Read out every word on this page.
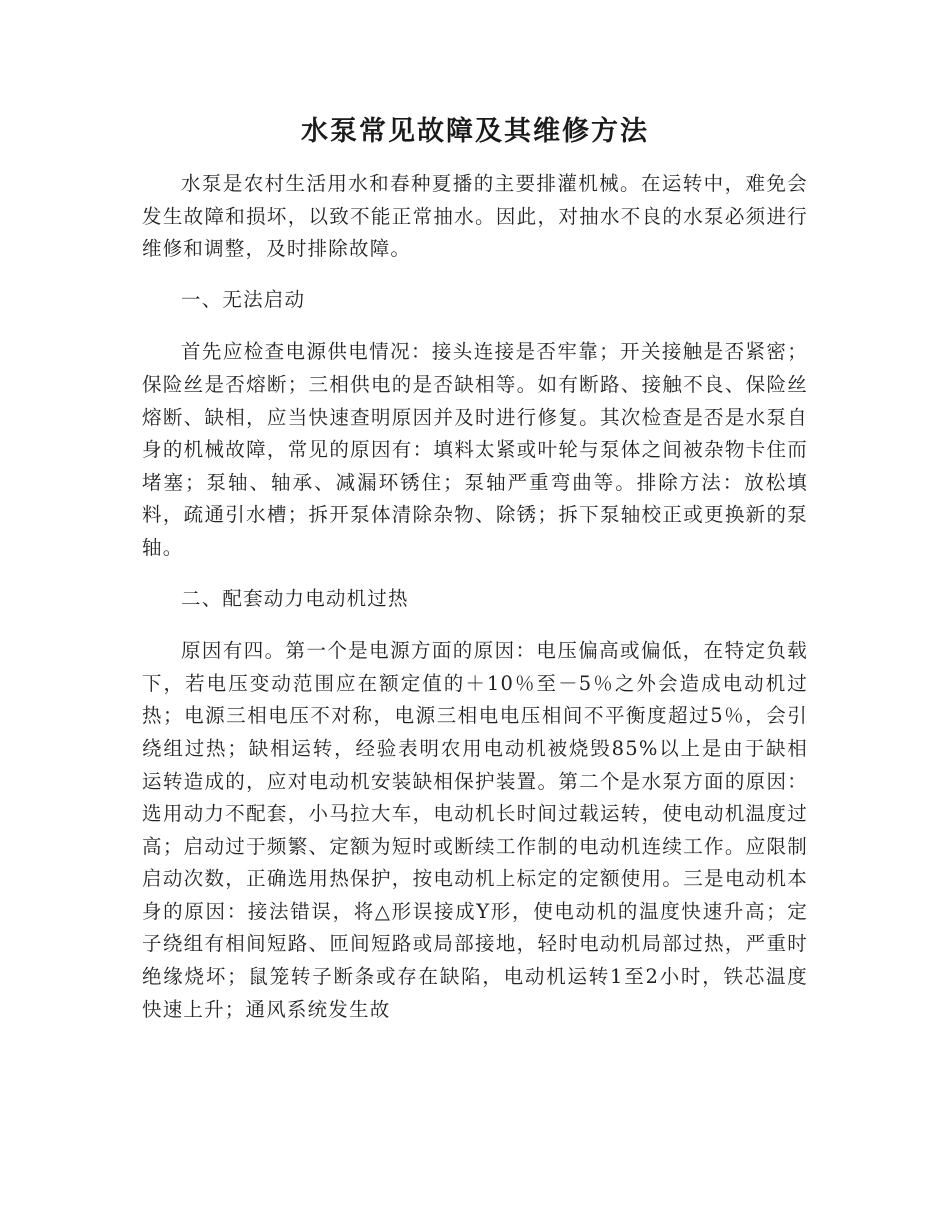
水泵常见故障及其维修方法

水泵是农村生活用水和春种夏播的主要排灌机械。在运转中，难免会发生故障和损坏，以致不能正常抽水。因此，对抽水不良的水泵必须进行维修和调整，及时排除故障。

一、无法启动

首先应检查电源供电情况：接头连接是否牢靠；开关接触是否紧密；保险丝是否熔断；三相供电的是否缺相等。如有断路、接触不良、保险丝熔断、缺相，应当快速查明原因并及时进行修复。其次检查是否是水泵自身的机械故障，常见的原因有：填料太紧或叶轮与泵体之间被杂物卡住而堵塞；泵轴、轴承、减漏环锈住；泵轴严重弯曲等。排除方法：放松填料，疏通引水槽；拆开泵体清除杂物、除锈；拆下泵轴校正或更换新的泵轴。

二、配套动力电动机过热

原因有四。第一个是电源方面的原因：电压偏高或偏低，在特定负载下，若电压变动范围应在额定值的＋10％至－5％之外会造成电动机过热；电源三相电压不对称，电源三相电电压相间不平衡度超过5％，会引绕组过热；缺相运转，经验表明农用电动机被烧毁85%以上是由于缺相运转造成的，应对电动机安装缺相保护装置。第二个是水泵方面的原因：选用动力不配套，小马拉大车，电动机长时间过载运转，使电动机温度过高；启动过于频繁、定额为短时或断续工作制的电动机连续工作。应限制启动次数，正确选用热保护，按电动机上标定的定额使用。三是电动机本身的原因：接法错误，将△形误接成Y形，使电动机的温度快速升高；定子绕组有相间短路、匝间短路或局部接地，轻时电动机局部过热，严重时绝缘烧坏；鼠笼转子断条或存在缺陷，电动机运转1至2小时，铁芯温度快速上升；通风系统发生故
